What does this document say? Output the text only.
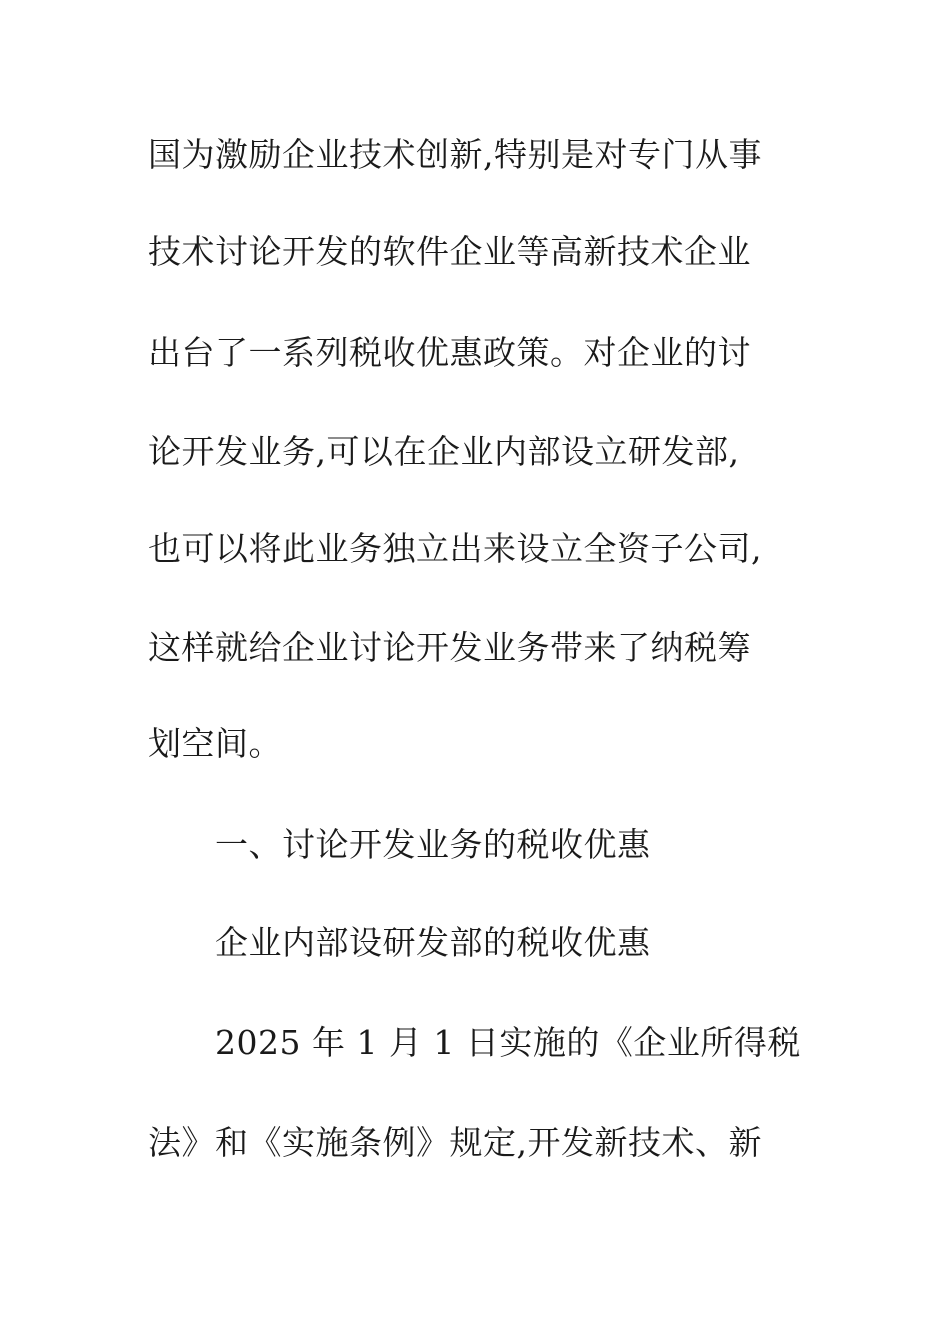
国为激励企业技术创新,特别是对专门从事
技术讨论开发的软件企业等高新技术企业
出台了一系列税收优惠政策。对企业的讨
论开发业务,可以在企业内部设立研发部,
也可以将此业务独立出来设立全资子公司,
这样就给企业讨论开发业务带来了纳税筹
划空间。
一、讨论开发业务的税收优惠
企业内部设研发部的税收优惠
2025 年 1 月 1 日实施的《企业所得税
法》和《实施条例》规定,开发新技术、新
